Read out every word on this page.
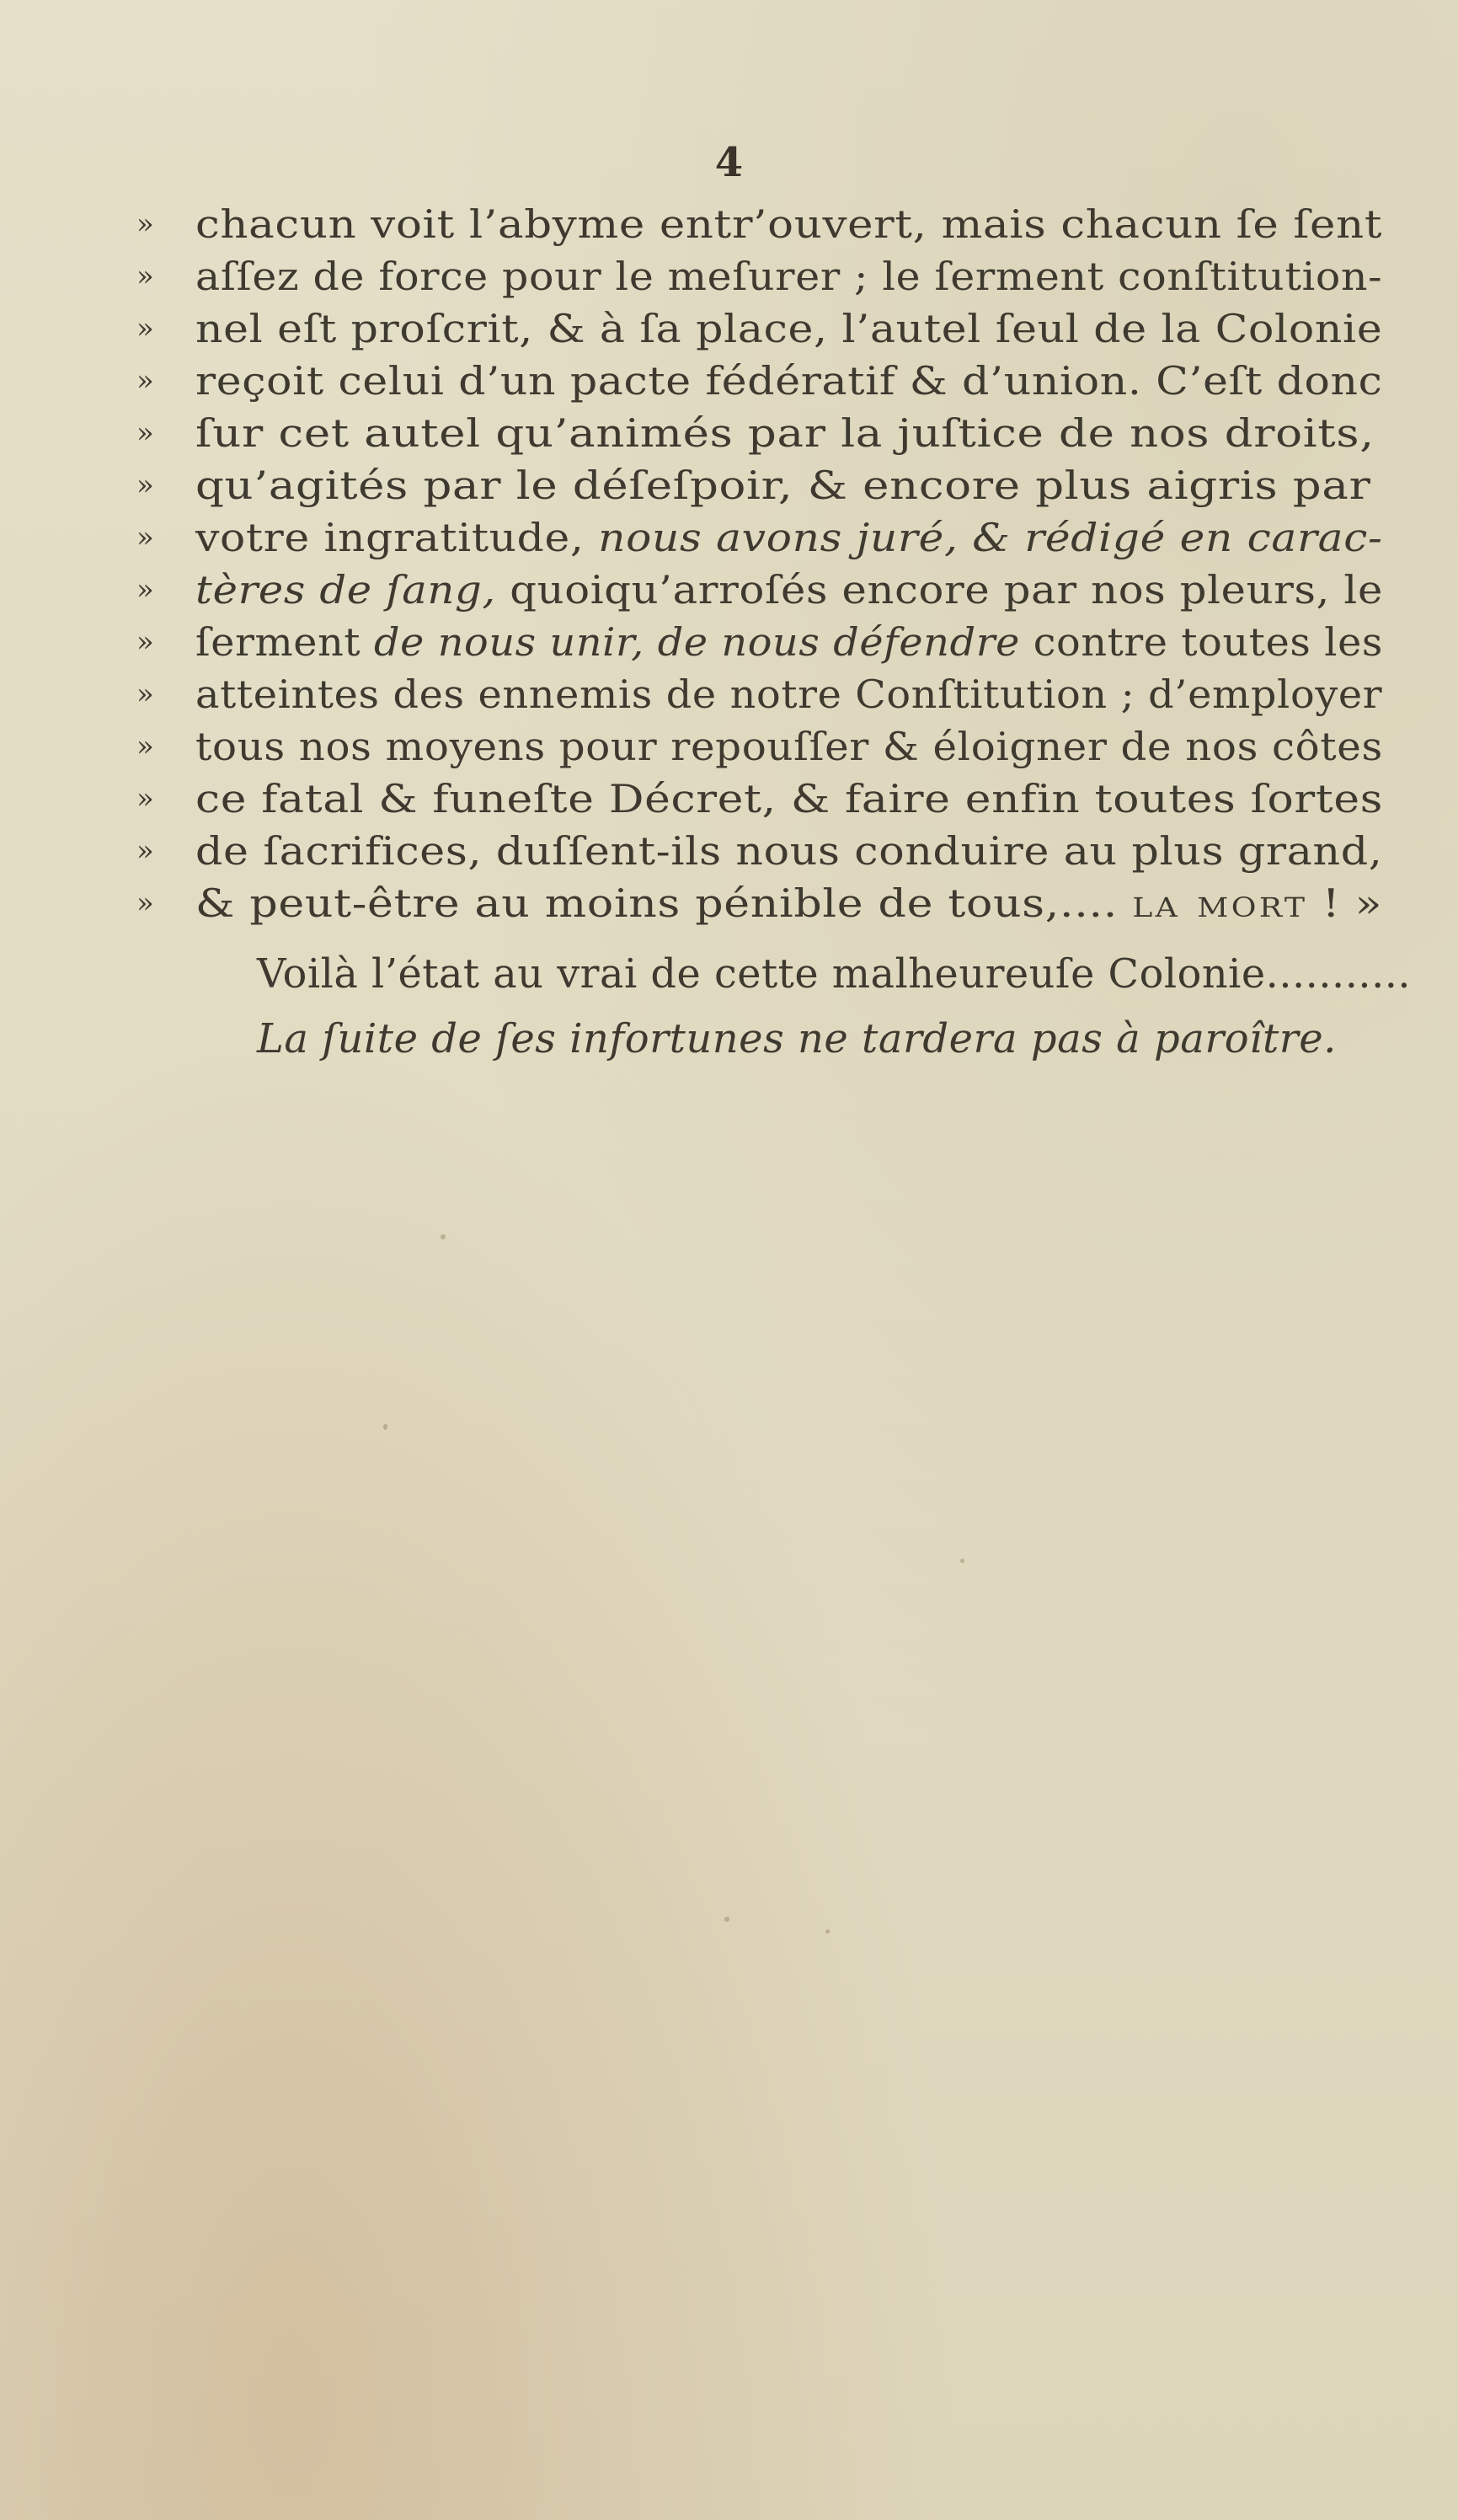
4
»	chacun voit l’abyme entr’ouvert, mais chacun ſe ſent
»	aſſez de force pour le meſurer ; le ſerment conſtitution-
»	nel eſt proſcrit, & à ſa place, l’autel ſeul de la Colonie
»	reçoit celui d’un pacte fédératif & d’union. C’eſt donc
»	ſur cet autel qu’animés par la juſtice de nos droits,
»	qu’agités par le déſeſpoir, & encore plus aigris par
»	votre ingratitude, nous avons juré, & rédigé en carac-
»	tères de ſang, quoiqu’arroſés encore par nos pleurs, le
»	ſerment de nous unir, de nous défendre contre toutes les
»	atteintes des ennemis de notre Conſtitution ; d’employer
»	tous nos moyens pour repouſſer & éloigner de nos côtes
»	ce fatal & funeſte Décret, & faire enfin toutes ſortes
»	de ſacrifices, duſſent-ils nous conduire au plus grand,
»	& peut-être au moins pénible de tous,.... la mort ! »
Voilà l’état au vrai de cette malheureuſe Colonie...........
La ſuite de ſes infortunes ne tardera pas à paroître.
